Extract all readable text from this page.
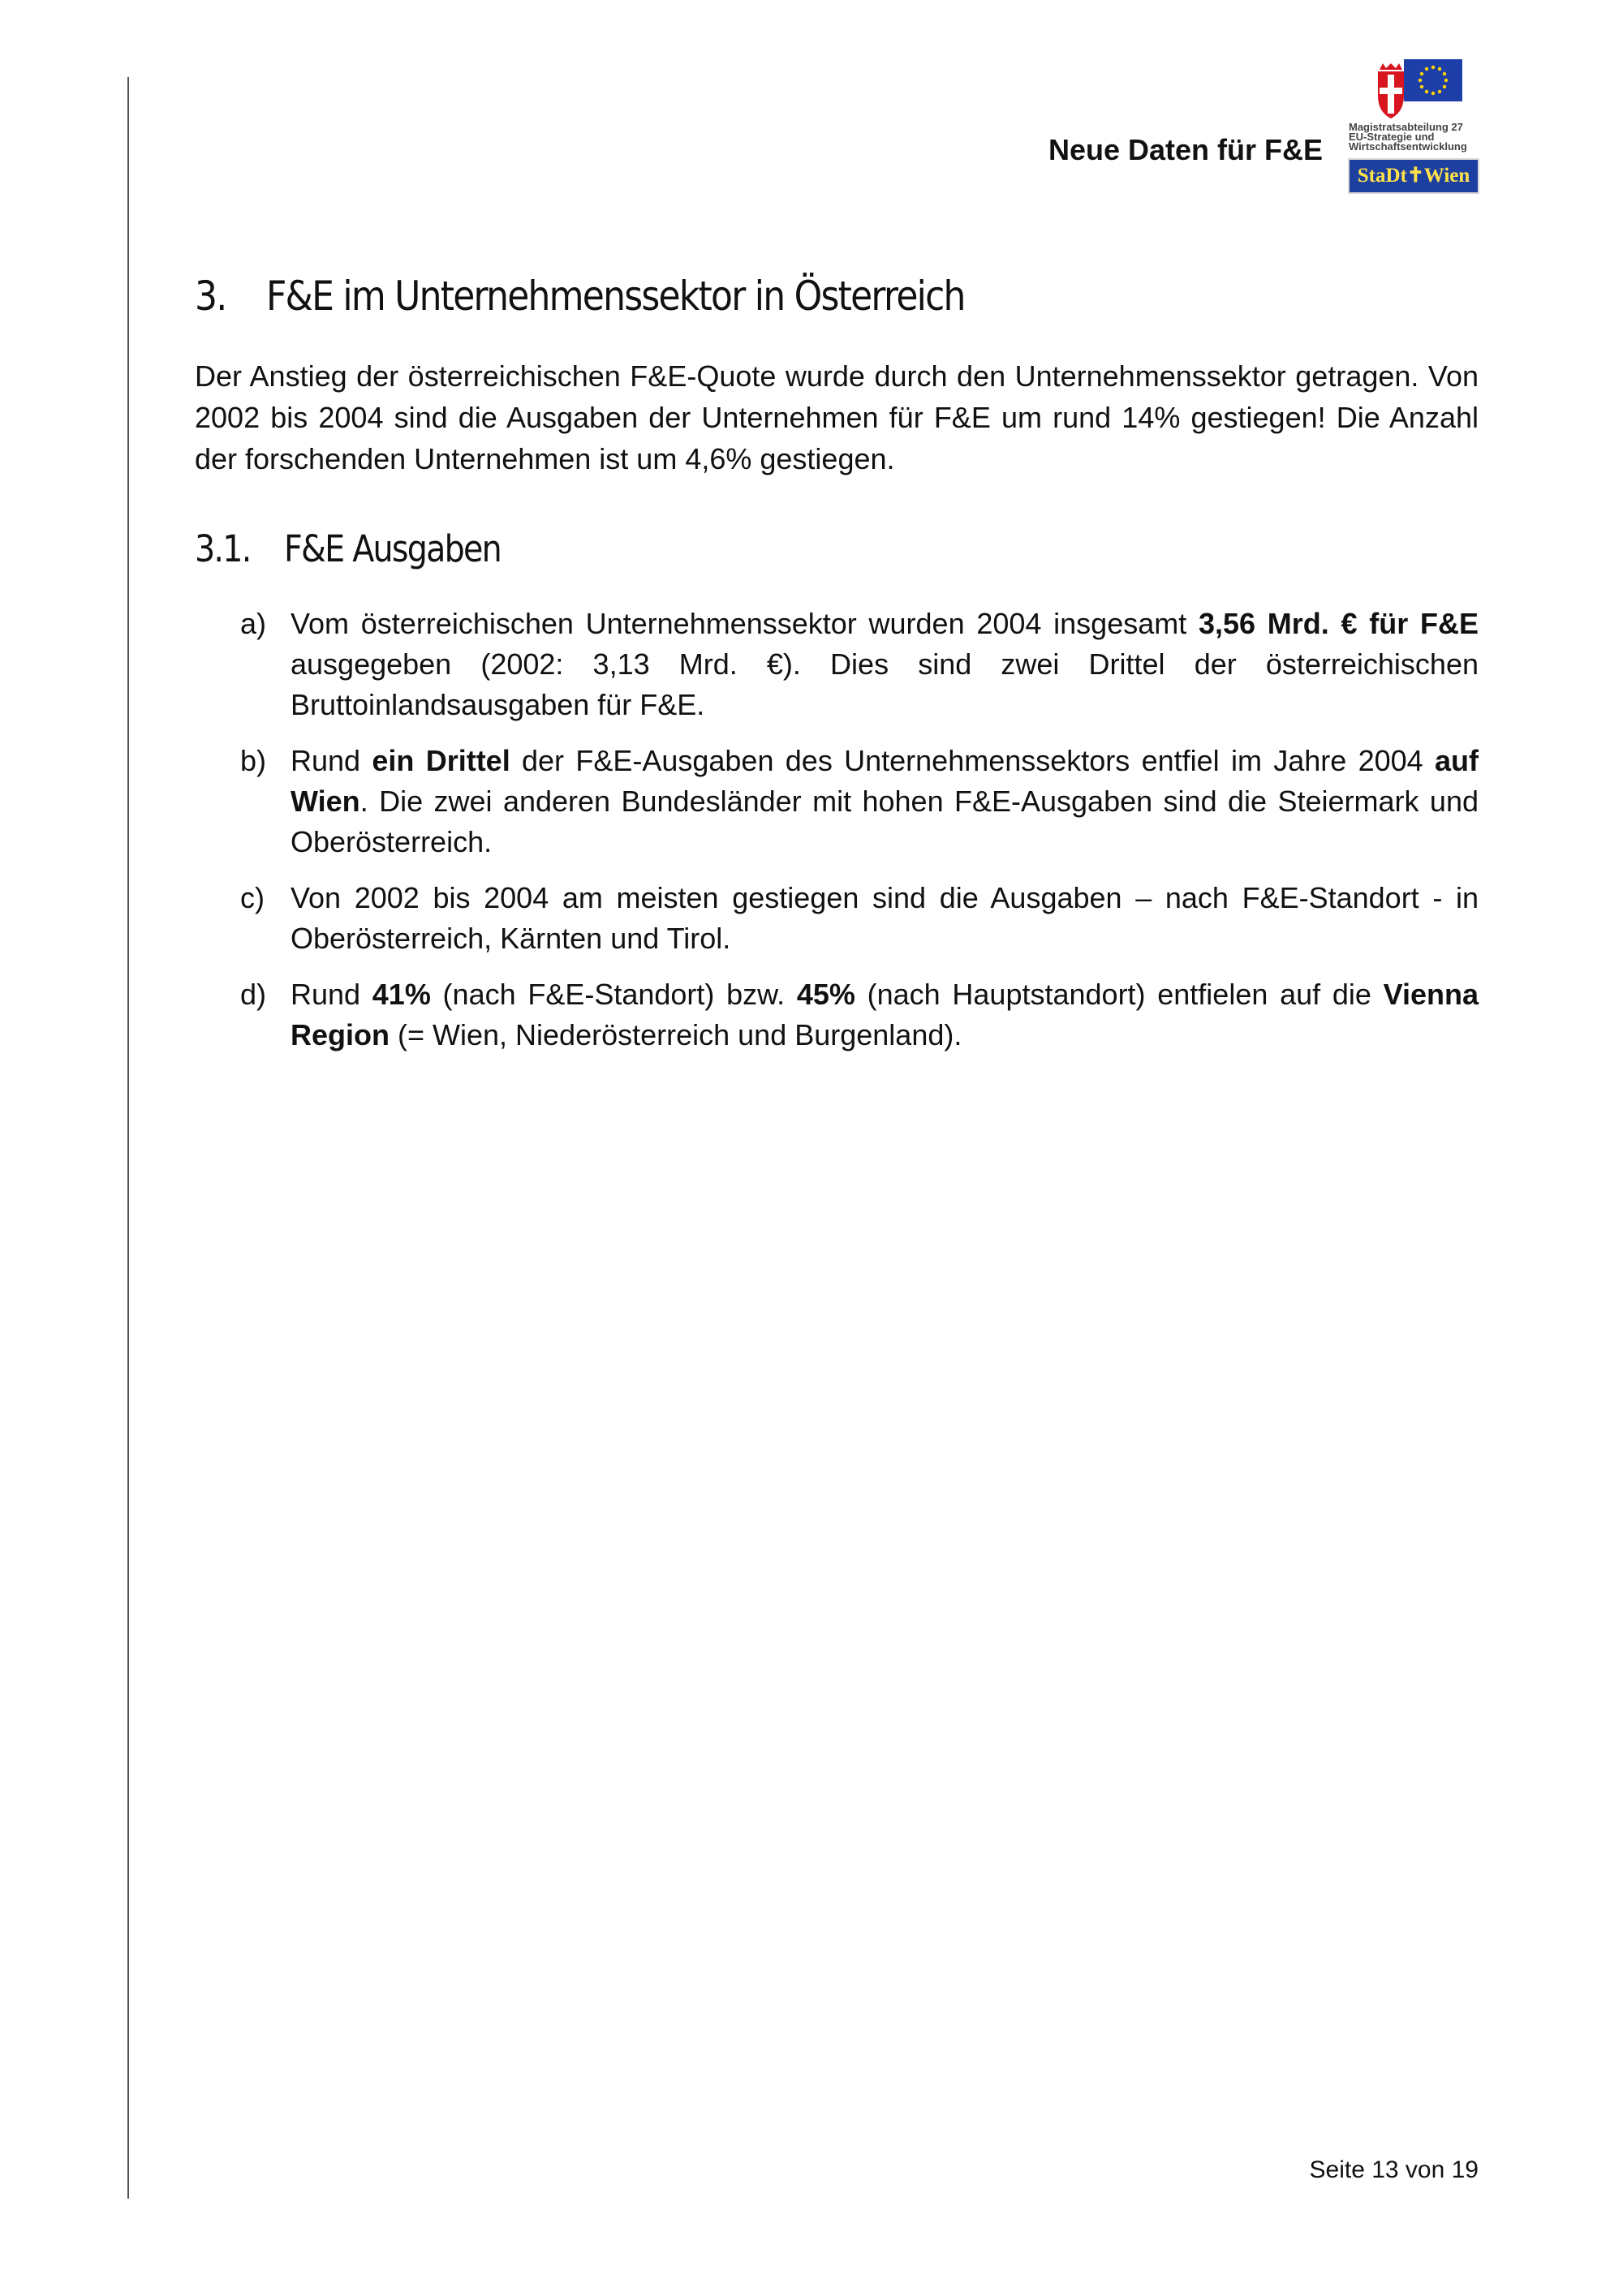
Neue Daten für F&E
Magistratsabteilung 27
EU-Strategie und
Wirtschaftsentwicklung
StaDt✝Wien
3. F&E im Unternehmenssektor in Österreich

Der Anstieg der österreichischen F&E-Quote wurde durch den Unternehmenssektor getragen. Von 2002 bis 2004 sind die Ausgaben der Unternehmen für F&E um rund 14% gestiegen! Die Anzahl der forschenden Unternehmen ist um 4,6% gestiegen.

3.1. F&E Ausgaben
a) Vom österreichischen Unternehmenssektor wurden 2004 insgesamt 3,56 Mrd. € für F&E ausgegeben (2002: 3,13 Mrd. €). Dies sind zwei Drittel der österreichischen Bruttoinlandsausgaben für F&E.
b) Rund ein Drittel der F&E-Ausgaben des Unternehmenssektors entfiel im Jahre 2004 auf Wien. Die zwei anderen Bundesländer mit hohen F&E-Ausgaben sind die Steiermark und Oberösterreich.
c) Von 2002 bis 2004 am meisten gestiegen sind die Ausgaben – nach F&E-Standort - in Oberösterreich, Kärnten und Tirol.
d) Rund 41% (nach F&E-Standort) bzw. 45% (nach Hauptstandort) entfielen auf die Vienna Region (= Wien, Niederösterreich und Burgenland).
Seite 13 von 19
